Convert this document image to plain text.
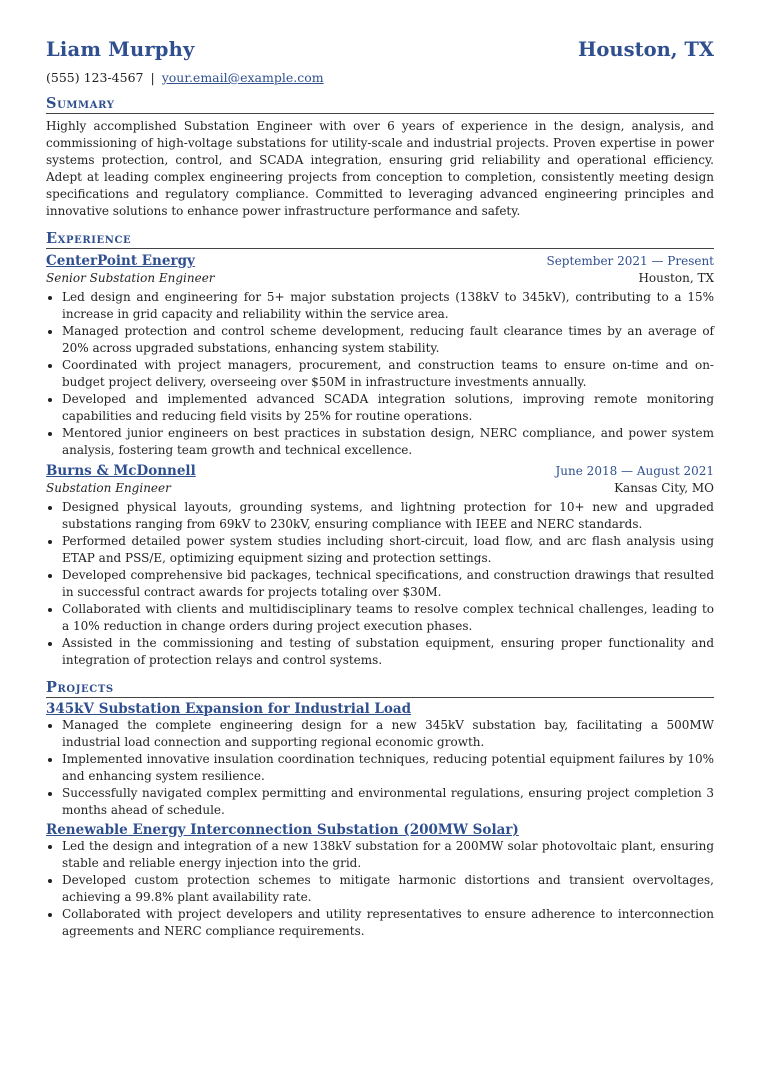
Liam Murphy	Houston, TX
(555) 123-4567 | your.email@example.com
Summary
Highly accomplished Substation Engineer with over 6 years of experience in the design, analysis, and commissioning of high-voltage substations for utility-scale and industrial projects. Proven expertise in power systems protection, control, and SCADA integration, ensuring grid reliability and operational efficiency. Adept at leading complex engineering projects from conception to completion, consistently meeting design specifications and regulatory compliance. Committed to leveraging advanced engineering principles and innovative solutions to enhance power infrastructure performance and safety.
Experience
CenterPoint Energy	September 2021 — Present
Senior Substation Engineer	Houston, TX
• Led design and engineering for 5+ major substation projects (138kV to 345kV), contributing to a 15% increase in grid capacity and reliability within the service area.
• Managed protection and control scheme development, reducing fault clearance times by an average of 20% across upgraded substations, enhancing system stability.
• Coordinated with project managers, procurement, and construction teams to ensure on-time and on-budget project delivery, overseeing over $50M in infrastructure investments annually.
• Developed and implemented advanced SCADA integration solutions, improving remote monitoring capabilities and reducing field visits by 25% for routine operations.
• Mentored junior engineers on best practices in substation design, NERC compliance, and power system analysis, fostering team growth and technical excellence.
Burns & McDonnell	June 2018 — August 2021
Substation Engineer	Kansas City, MO
• Designed physical layouts, grounding systems, and lightning protection for 10+ new and upgraded substations ranging from 69kV to 230kV, ensuring compliance with IEEE and NERC standards.
• Performed detailed power system studies including short-circuit, load flow, and arc flash analysis using ETAP and PSS/E, optimizing equipment sizing and protection settings.
• Developed comprehensive bid packages, technical specifications, and construction drawings that resulted in successful contract awards for projects totaling over $30M.
• Collaborated with clients and multidisciplinary teams to resolve complex technical challenges, leading to a 10% reduction in change orders during project execution phases.
• Assisted in the commissioning and testing of substation equipment, ensuring proper functionality and integration of protection relays and control systems.
Projects
345kV Substation Expansion for Industrial Load
• Managed the complete engineering design for a new 345kV substation bay, facilitating a 500MW industrial load connection and supporting regional economic growth.
• Implemented innovative insulation coordination techniques, reducing potential equipment failures by 10% and enhancing system resilience.
• Successfully navigated complex permitting and environmental regulations, ensuring project completion 3 months ahead of schedule.
Renewable Energy Interconnection Substation (200MW Solar)
• Led the design and integration of a new 138kV substation for a 200MW solar photovoltaic plant, ensuring stable and reliable energy injection into the grid.
• Developed custom protection schemes to mitigate harmonic distortions and transient overvoltages, achieving a 99.8% plant availability rate.
• Collaborated with project developers and utility representatives to ensure adherence to interconnection agreements and NERC compliance requirements.
